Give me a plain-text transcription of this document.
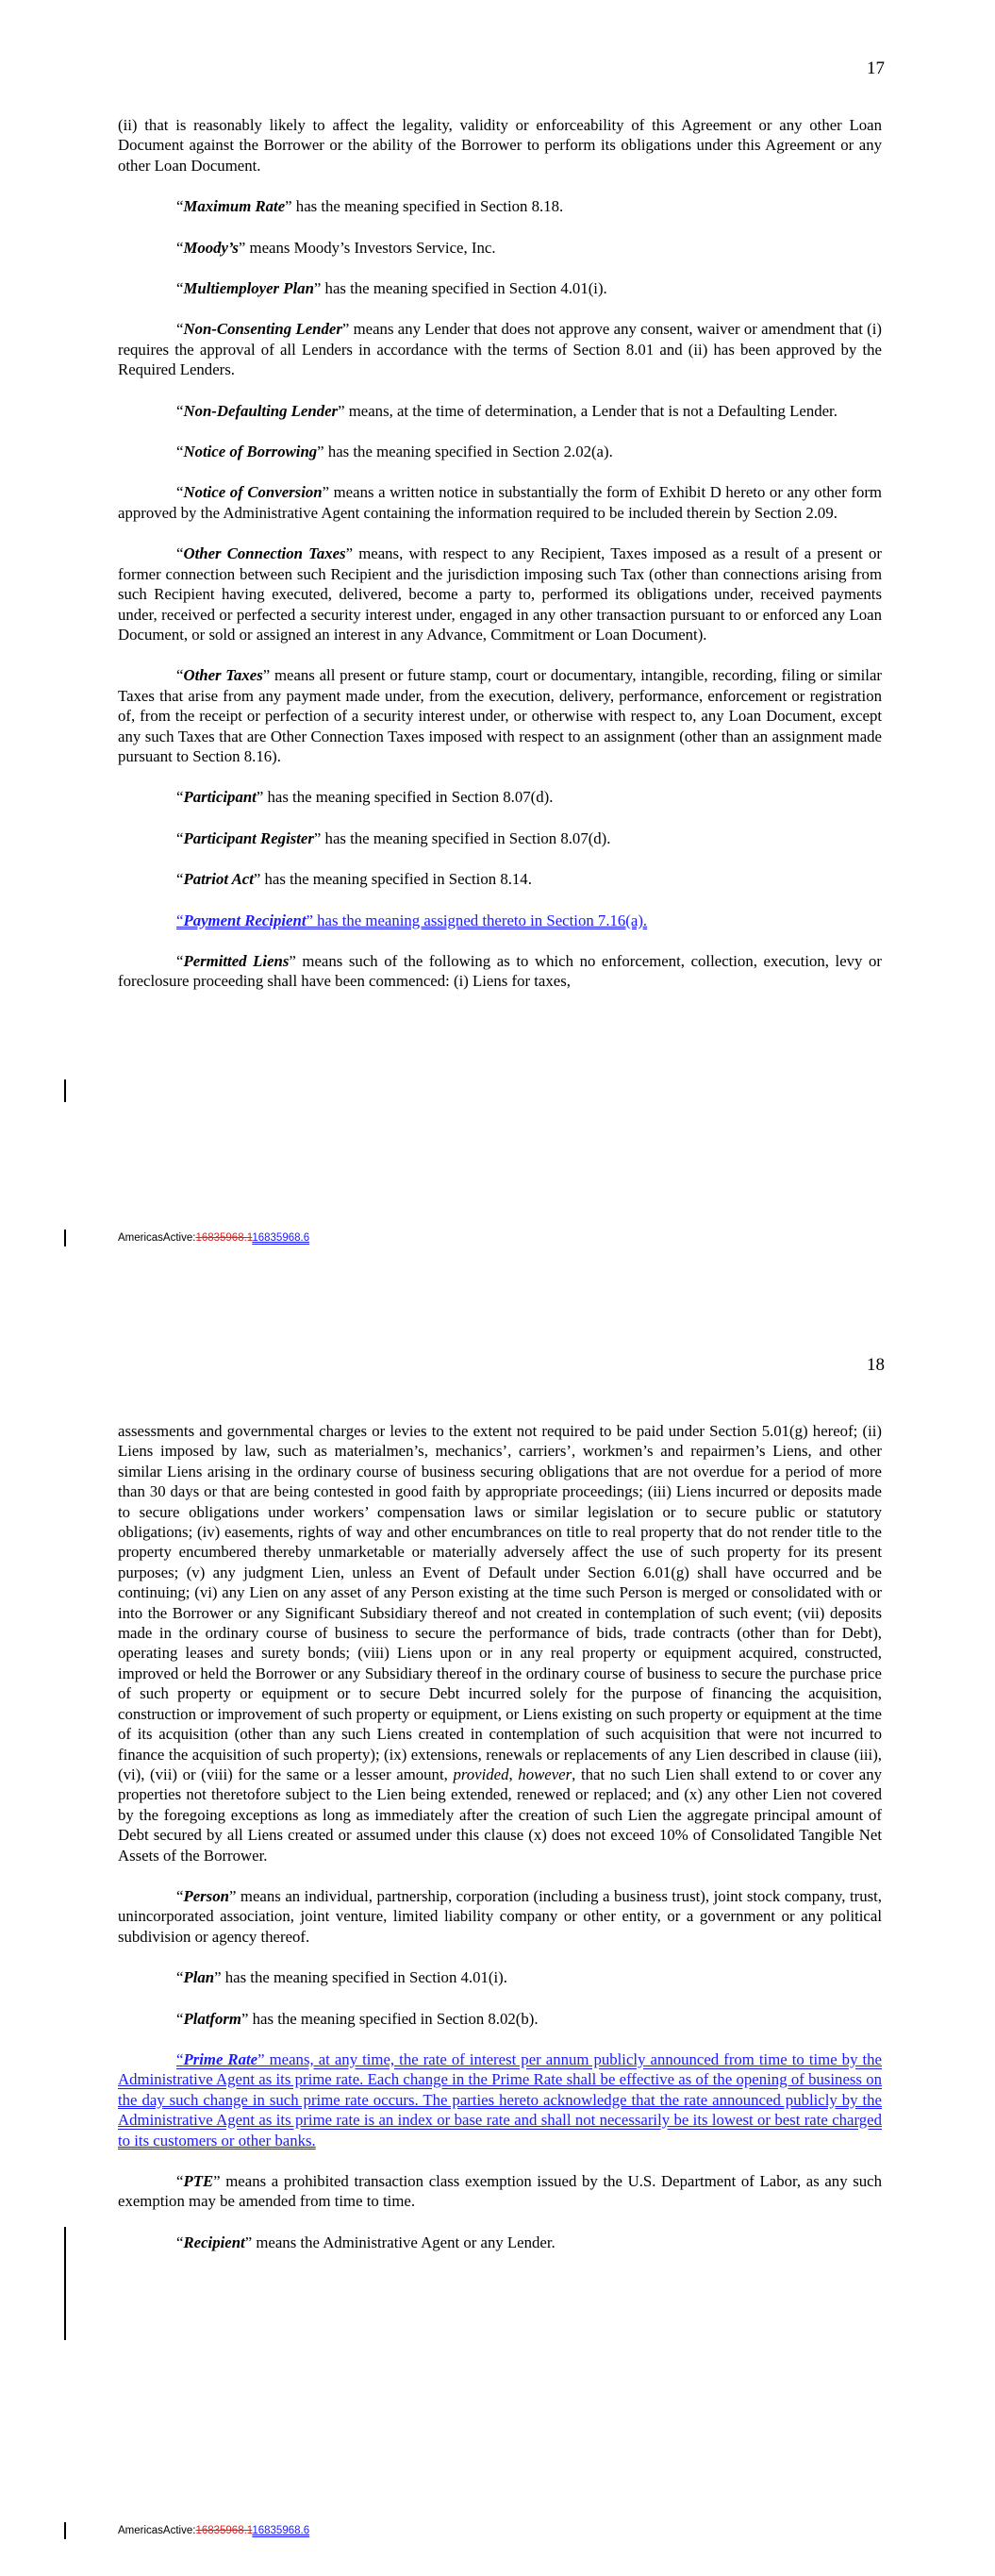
17

(ii) that is reasonably likely to affect the legality, validity or enforceability of this Agreement or any other Loan Document against the Borrower or the ability of the Borrower to perform its obligations under this Agreement or any other Loan Document.

“Maximum Rate” has the meaning specified in Section 8.18.

“Moody’s” means Moody’s Investors Service, Inc.

“Multiemployer Plan” has the meaning specified in Section 4.01(i).

“Non-Consenting Lender” means any Lender that does not approve any consent, waiver or amendment that (i) requires the approval of all Lenders in accordance with the terms of Section 8.01 and (ii) has been approved by the Required Lenders.

“Non-Defaulting Lender” means, at the time of determination, a Lender that is not a Defaulting Lender.

“Notice of Borrowing” has the meaning specified in Section 2.02(a).

“Notice of Conversion” means a written notice in substantially the form of Exhibit D hereto or any other form approved by the Administrative Agent containing the information required to be included therein by Section 2.09.

“Other Connection Taxes” means, with respect to any Recipient, Taxes imposed as a result of a present or former connection between such Recipient and the jurisdiction imposing such Tax (other than connections arising from such Recipient having executed, delivered, become a party to, performed its obligations under, received payments under, received or perfected a security interest under, engaged in any other transaction pursuant to or enforced any Loan Document, or sold or assigned an interest in any Advance, Commitment or Loan Document).

“Other Taxes” means all present or future stamp, court or documentary, intangible, recording, filing or similar Taxes that arise from any payment made under, from the execution, delivery, performance, enforcement or registration of, from the receipt or perfection of a security interest under, or otherwise with respect to, any Loan Document, except any such Taxes that are Other Connection Taxes imposed with respect to an assignment (other than an assignment made pursuant to Section 8.16).

“Participant” has the meaning specified in Section 8.07(d).

“Participant Register” has the meaning specified in Section 8.07(d).

“Patriot Act” has the meaning specified in Section 8.14.

“Payment Recipient” has the meaning assigned thereto in Section 7.16(a).

“Permitted Liens” means such of the following as to which no enforcement, collection, execution, levy or foreclosure proceeding shall have been commenced: (i) Liens for taxes,

AmericasActive:16835968.116835968.6
18

assessments and governmental charges or levies to the extent not required to be paid under Section 5.01(g) hereof; (ii) Liens imposed by law, such as materialmen’s, mechanics’, carriers’, workmen’s and repairmen’s Liens, and other similar Liens arising in the ordinary course of business securing obligations that are not overdue for a period of more than 30 days or that are being contested in good faith by appropriate proceedings; (iii) Liens incurred or deposits made to secure obligations under workers’ compensation laws or similar legislation or to secure public or statutory obligations; (iv) easements, rights of way and other encumbrances on title to real property that do not render title to the property encumbered thereby unmarketable or materially adversely affect the use of such property for its present purposes; (v) any judgment Lien, unless an Event of Default under Section 6.01(g) shall have occurred and be continuing; (vi) any Lien on any asset of any Person existing at the time such Person is merged or consolidated with or into the Borrower or any Significant Subsidiary thereof and not created in contemplation of such event; (vii) deposits made in the ordinary course of business to secure the performance of bids, trade contracts (other than for Debt), operating leases and surety bonds; (viii) Liens upon or in any real property or equipment acquired, constructed, improved or held the Borrower or any Subsidiary thereof in the ordinary course of business to secure the purchase price of such property or equipment or to secure Debt incurred solely for the purpose of financing the acquisition, construction or improvement of such property or equipment, or Liens existing on such property or equipment at the time of its acquisition (other than any such Liens created in contemplation of such acquisition that were not incurred to finance the acquisition of such property); (ix) extensions, renewals or replacements of any Lien described in clause (iii), (vi), (vii) or (viii) for the same or a lesser amount, provided, however, that no such Lien shall extend to or cover any properties not theretofore subject to the Lien being extended, renewed or replaced; and (x) any other Lien not covered by the foregoing exceptions as long as immediately after the creation of such Lien the aggregate principal amount of Debt secured by all Liens created or assumed under this clause (x) does not exceed 10% of Consolidated Tangible Net Assets of the Borrower.

“Person” means an individual, partnership, corporation (including a business trust), joint stock company, trust, unincorporated association, joint venture, limited liability company or other entity, or a government or any political subdivision or agency thereof.

“Plan” has the meaning specified in Section 4.01(i).

“Platform” has the meaning specified in Section 8.02(b).

“Prime Rate” means, at any time, the rate of interest per annum publicly announced from time to time by the Administrative Agent as its prime rate. Each change in the Prime Rate shall be effective as of the opening of business on the day such change in such prime rate occurs. The parties hereto acknowledge that the rate announced publicly by the Administrative Agent as its prime rate is an index or base rate and shall not necessarily be its lowest or best rate charged to its customers or other banks.

“PTE” means a prohibited transaction class exemption issued by the U.S. Department of Labor, as any such exemption may be amended from time to time.

“Recipient” means the Administrative Agent or any Lender.

AmericasActive:16835968.116835968.6
